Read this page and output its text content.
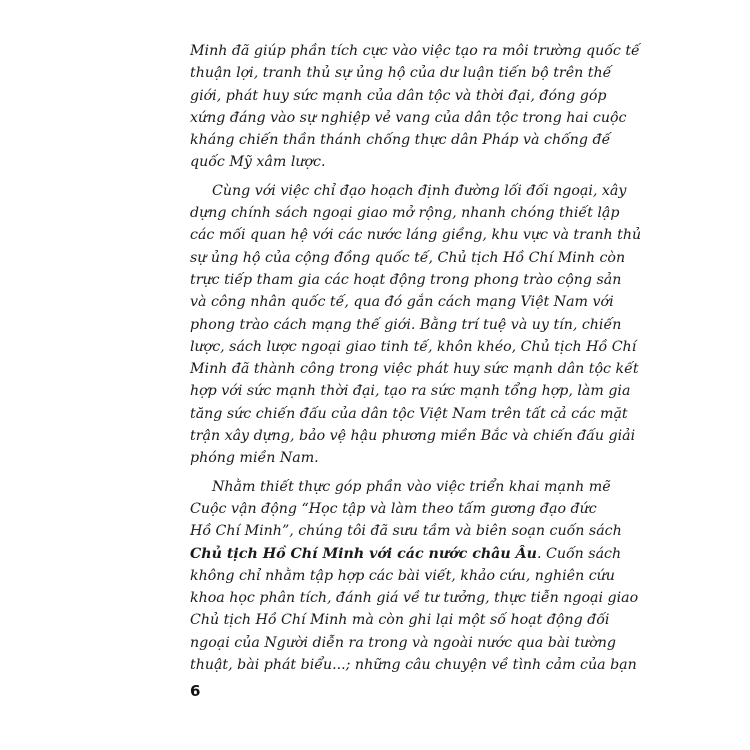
Minh đã giúp phần tích cực vào việc tạo ra môi trường quốc tế
thuận lợi, tranh thủ sự ủng hộ của dư luận tiến bộ trên thế
giới, phát huy sức mạnh của dân tộc và thời đại, đóng góp
xứng đáng vào sự nghiệp vẻ vang của dân tộc trong hai cuộc
kháng chiến thần thánh chống thực dân Pháp và chống đế
quốc Mỹ xâm lược.
Cùng với việc chỉ đạo hoạch định đường lối đối ngoại, xây
dựng chính sách ngoại giao mở rộng, nhanh chóng thiết lập
các mối quan hệ với các nước láng giềng, khu vực và tranh thủ
sự ủng hộ của cộng đồng quốc tế, Chủ tịch Hồ Chí Minh còn
trực tiếp tham gia các hoạt động trong phong trào cộng sản
và công nhân quốc tế, qua đó gắn cách mạng Việt Nam với
phong trào cách mạng thế giới. Bằng trí tuệ và uy tín, chiến
lược, sách lược ngoại giao tinh tế, khôn khéo, Chủ tịch Hồ Chí
Minh đã thành công trong việc phát huy sức mạnh dân tộc kết
hợp với sức mạnh thời đại, tạo ra sức mạnh tổng hợp, làm gia
tăng sức chiến đấu của dân tộc Việt Nam trên tất cả các mặt
trận xây dựng, bảo vệ hậu phương miền Bắc và chiến đấu giải
phóng miền Nam.
Nhằm thiết thực góp phần vào việc triển khai mạnh mẽ
Cuộc vận động “Học tập và làm theo tấm gương đạo đức
Hồ Chí Minh”, chúng tôi đã sưu tầm và biên soạn cuốn sách
Chủ tịch Hồ Chí Minh với các nước châu Âu. Cuốn sách
không chỉ nhằm tập hợp các bài viết, khảo cứu, nghiên cứu
khoa học phân tích, đánh giá về tư tưởng, thực tiễn ngoại giao
Chủ tịch Hồ Chí Minh mà còn ghi lại một số hoạt động đối
ngoại của Người diễn ra trong và ngoài nước qua bài tường
thuật, bài phát biểu...; những câu chuyện về tình cảm của bạn
6
